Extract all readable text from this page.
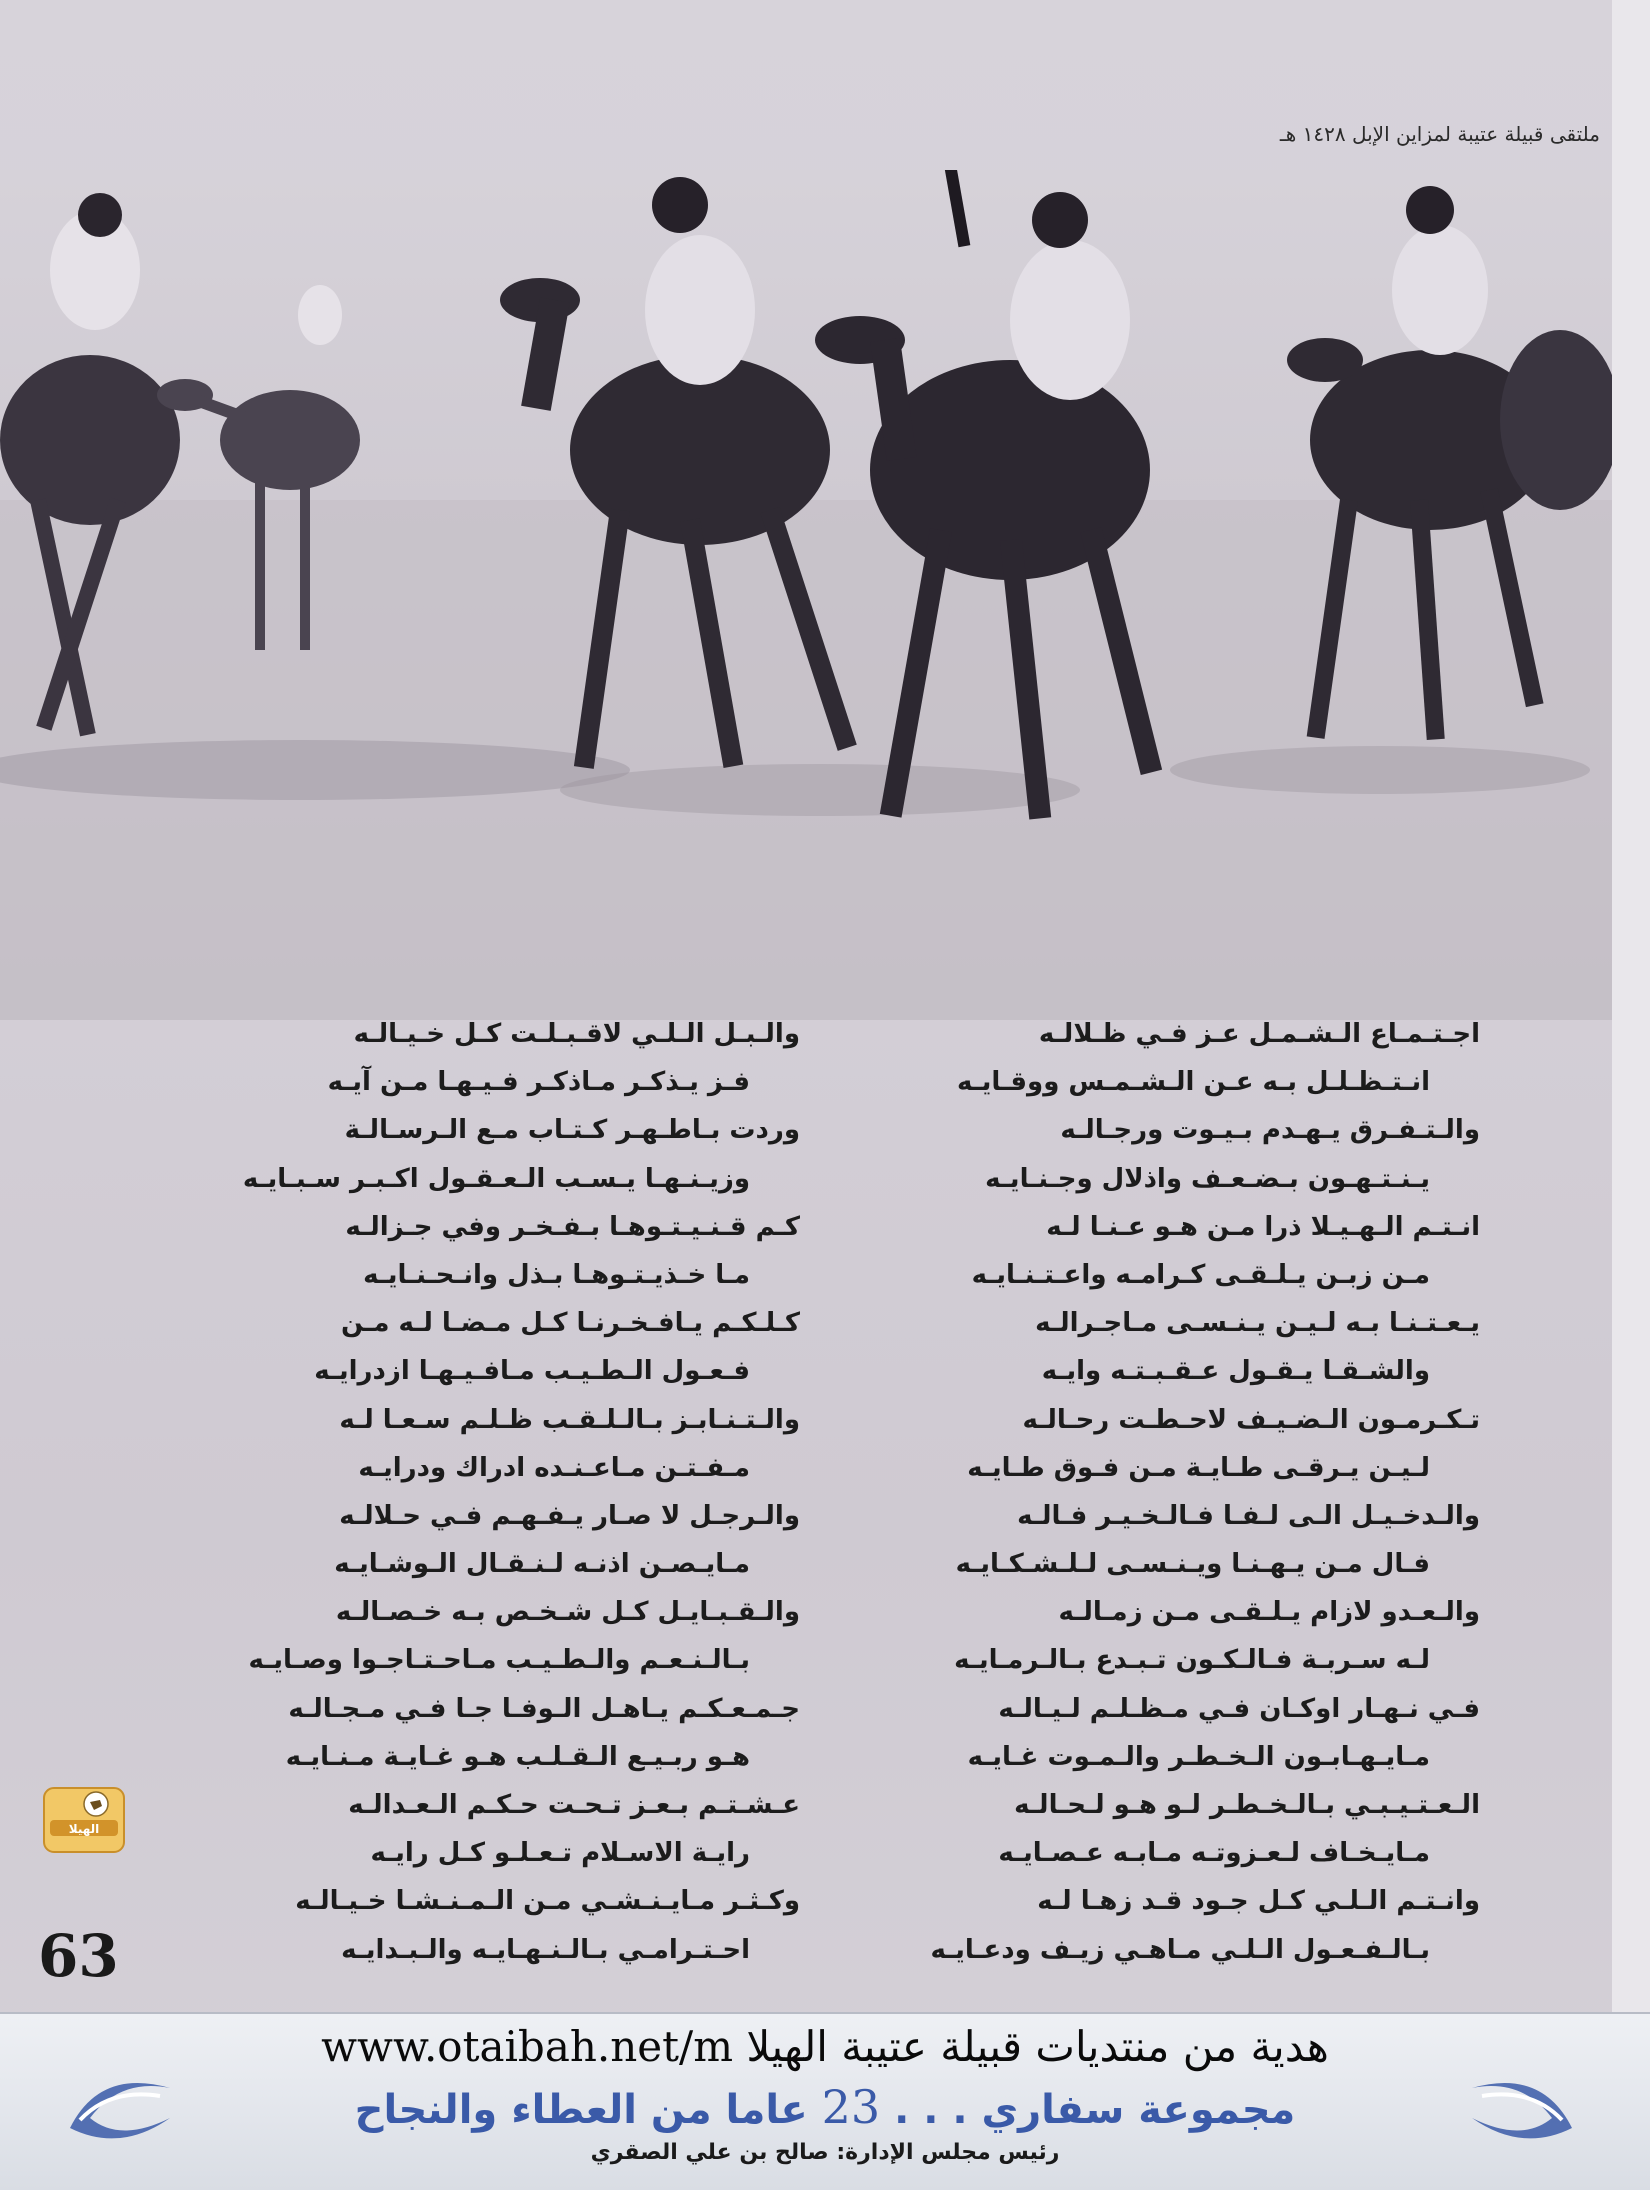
ملتقى قبيلة عتيبة لمزاين الإبل ١٤٢٨ هـ
اجـتـمـاع الـشـمـل عـز فـي ظـلالـه
انـتـظـلـل بـه عـن الـشـمـس ووقـايـه
والـتـفـرق يـهـدم بـيـوت ورجـالـه
يـنـتـهـون بـضـعـف واذلال وجـنـايـه
انـتـم الـهـيـلا ذرا مـن هـو عـنـا لـه
مـن زبـن يـلـقـى كـرامـه واعـتـنـايـه
يـعـتـنـا بـه لـيـن يـنـسـى مـاجـرالـه
والشـقـا يـقـول عـقـبـتـه وايـه
تـكـرمـون الـضـيـف لاحـطـت رحـالـه
لـيـن يـرقـى طـايـة مـن فـوق طـايـه
والـدخـيـل الـى لـفـا فـالـخـيـر فـالـه
فـال مـن يـهـنـا ويـنـسـى لـلـشـكـايـه
والـعـدو لازام يـلـقـى مـن زمـالـه
لـه سـربـة فـالـكـون تـبـدع بـالـرمـايـه
فـي نـهـار اوكـان فـي مـظـلـم لـيـالـه
مـايـهـابـون الـخـطـر والـمـوت غـايـه
الـعـتـيـبـي بـالـخـطـر لـو هـو لـحـالـه
مـايـخـاف لـعـزوتـه مـابـه عـصـايـه
وانـتـم الـلـي كـل جـود قـد زهـا لـه
بـالـفـعـول الـلـي مـاهـي زيـف ودعـايـه
والـبـل الـلـي لاقـبـلـت كـل خـيـالـه
فـز يـذكـر مـاذكـر فـيـهـا مـن آيـه
وردت بـاطـهـر كـتـاب مـع الـرسـالـة
وزيـنـهـا يـسـب الـعـقـول اكـبـر سـبـايـه
كـم قـنـيـتـوهـا بـفـخـر وفي جـزالـه
مـا خـذيـتـوهـا بـذل وانـحـنـايـه
كـلـكـم يـافـخـرنـا كـل مـضـا لـه مـن
فـعـول الـطـيـب مـافـيـهـا ازدرايـه
والـتـنـابـز بـالـلـقـب ظـلـم سـعـا لـه
مـفـتـن مـاعـنـده ادراك ودرايـه
والـرجـل لا صـار يـفـهـم فـي حـلالـه
مـايـصـن اذنـه لـنـقـال الـوشـايـه
والـقـبـايـل كـل شـخـص بـه خـصـالـه
بـالـنـعـم والـطـيـب مـاحـتـاجـوا وصـايـه
جـمـعـكـم يـاهـل الـوفـا جـا فـي مـجـالـه
هـو ربـيـع الـقـلـب هـو غـايـة مـنـايـه
عـشـتـم بـعـز تـحـت حـكـم الـعـدالـه
رايـة الاسـلام تـعـلـو كـل رايـه
وكـثـر مـايـنـشـي مـن الـمـنـشـا خـيـالـه
احـتـرامـي بـالـنـهـايـه والـبـدايـه
الهيلا
63
www.otaibah.net/m هدية من منتديات قبيلة عتيبة الهيلا
مجموعة سفاري . . . 23 عاما من العطاء والنجاح
رئيس مجلس الإدارة: صالح بن علي الصقري
